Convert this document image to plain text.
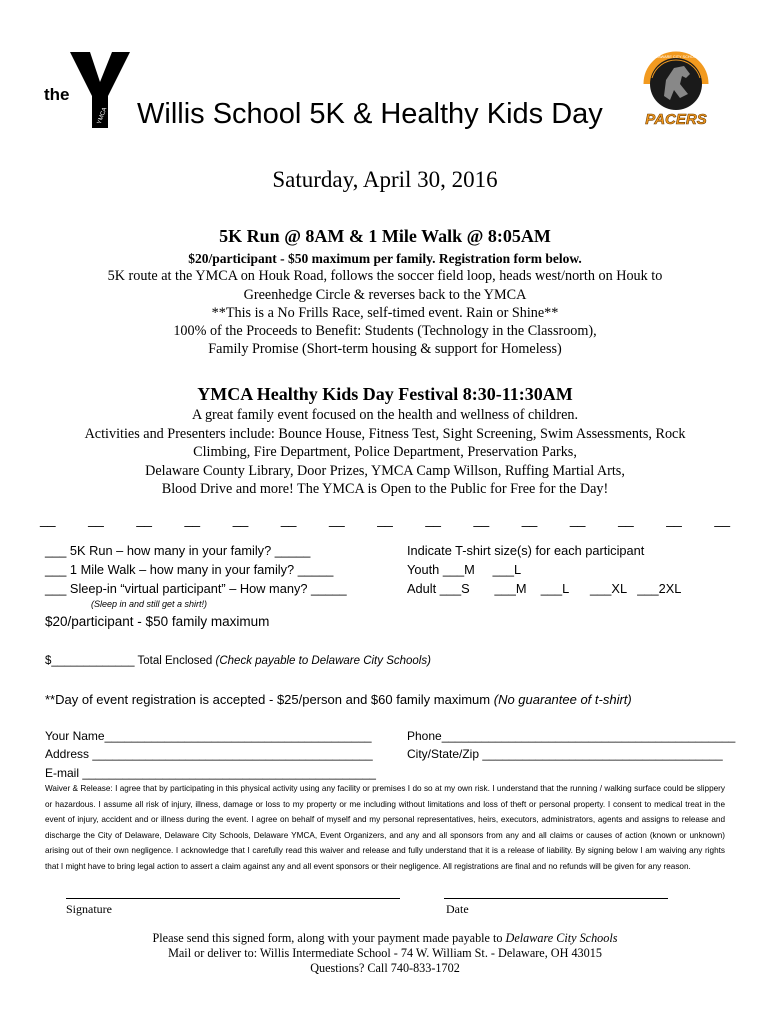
the
YMCA Willis School 5K & Healthy Kids Day
DELAWARE CITY SCHOOLS
PACERS
Saturday, April 30, 2016
5K Run @ 8AM & 1 Mile Walk @ 8:05AM
$20/participant - $50 maximum per family. Registration form below.
5K route at the YMCA on Houk Road, follows the soccer field loop, heads west/north on Houk to
Greenhedge Circle & reverses back to the YMCA
**This is a No Frills Race, self-timed event. Rain or Shine**
100% of the Proceeds to Benefit: Students (Technology in the Classroom),
Family Promise (Short-term housing & support for Homeless)
YMCA Healthy Kids Day Festival 8:30-11:30AM
A great family event focused on the health and wellness of children.
Activities and Presenters include: Bounce House, Fitness Test, Sight Screening, Swim Assessments, Rock
Climbing, Fire Department, Police Department, Preservation Parks,
Delaware County Library, Door Prizes, YMCA Camp Willson, Ruffing Martial Arts,
Blood Drive and more! The YMCA is Open to the Public for Free for the Day!
__ __ __ __ __ __ __ __ __ __ __ __ __ __ __
___ 5K Run – how many in your family? _____
___ 1 Mile Walk – how many in your family? _____
___ Sleep-in “virtual participant” – How many? _____
(Sleep in and still get a shirt!)
Indicate T-shirt size(s) for each participant
Youth ___M     ___L
Adult ___S       ___M    ___L      ___XL   ___2XL
$20/participant - $50 family maximum
$_____________ Total Enclosed (Check payable to Delaware City Schools)
**Day of event registration is accepted - $25/person and $60 family maximum (No guarantee of t-shirt)
Your Name________________________________________
Address __________________________________________
E-mail ____________________________________________
Phone____________________________________________
City/State/Zip ____________________________________
Waiver & Release: I agree that by participating in this physical activity using any facility or premises I do so at my own risk. I understand that the running / walking surface could be slippery or hazardous. I assume all risk of injury, illness, damage or loss to my property or me including without limitations and loss of theft or personal property. I consent to medical treat in the event of injury, accident and or illness during the event. I agree on behalf of myself and my personal representatives, heirs, executors, administrators, agents and assigns to release and discharge the City of Delaware, Delaware City Schools, Delaware YMCA, Event Organizers, and any and all sponsors from any and all claims or causes of action (known or unknown) arising out of their own negligence. I acknowledge that I carefully read this waiver and release and fully understand that it is a release of liability. By signing below I am waiving any rights that I might have to bring legal action to assert a claim against any and all event sponsors or their negligence. All registrations are final and no refunds will be given for any reason.
Signature	Date
Please send this signed form, along with your payment made payable to Delaware City Schools
Mail or deliver to: Willis Intermediate School - 74 W. William St. - Delaware, OH 43015
Questions? Call 740-833-1702
